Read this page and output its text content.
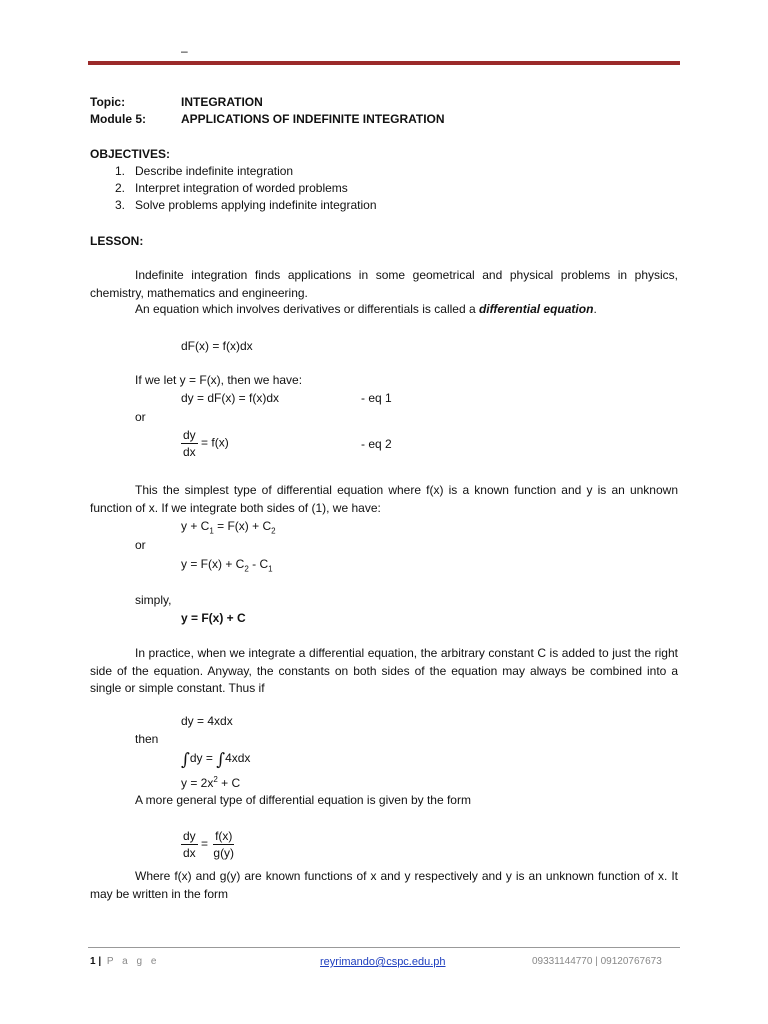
–
Topic:	INTEGRATION
Module 5:	APPLICATIONS OF INDEFINITE INTEGRATION
OBJECTIVES:
1.   Describe indefinite integration
2.   Interpret integration of worded problems
3.   Solve problems applying indefinite integration
LESSON:
Indefinite integration finds applications in some geometrical and physical problems in physics, chemistry, mathematics and engineering.
An equation which involves derivatives or differentials is called a differential equation.
dF(x) = f(x)dx
If we let y = F(x), then we have:
dy = dF(x) = f(x)dx	- eq 1
or
$\frac{dy}{dx} = f(x)$	- eq 2
This the simplest type of differential equation where f(x) is a known function and y is an unknown function of x. If we integrate both sides of (1), we have:
$y + C_1 = F(x) + C_2$
or
$y = F(x) + C_2 - C_1$
simply,
y = F(x) + C
In practice, when we integrate a differential equation, the arbitrary constant C is added to just the right side of the equation. Anyway, the constants on both sides of the equation may always be combined into a single or simple constant. Thus if
dy = 4xdx
then
∫dy = ∫4xdx
$y = 2x^2 + C$
A more general type of differential equation is given by the form
$\frac{dy}{dx} = \frac{f(x)}{g(y)}$
Where f(x) and g(y) are known functions of x and y respectively and y is an unknown function of x. It may be written in the form
1 | P a g e	reyrimando@cspc.edu.ph	09331144770 | 09120767673
